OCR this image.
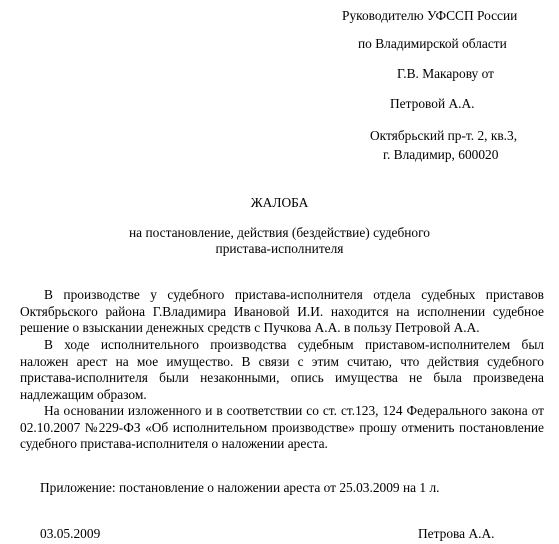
Руководителю УФССП России
по Владимирской области
Г.В. Макарову от
Петровой А.А.
Октябрьский пр-т. 2, кв.3,
г. Владимир, 600020
ЖАЛОБА
на постановление, действия (бездействие) судебного
пристава-исполнителя
В производстве у судебного пристава-исполнителя отдела судебных приставов Октябрьского района Г.Владимира Ивановой И.И. находится на исполнении судебное решение о взыскании денежных средств с Пучкова А.А. в пользу Петровой А.А.
В ходе исполнительного производства судебным приставом-исполнителем был наложен арест на мое имущество. В связи с этим считаю, что действия судебного пристава-исполнителя были незаконными, опись имущества не была произведена надлежащим образом.
На основании изложенного и в соответствии со ст. ст.123, 124 Федерального закона от 02.10.2007 №229-ФЗ «Об исполнительном производстве» прошу отменить постановление судебного пристава-исполнителя о наложении ареста.
Приложение: постановление о наложении ареста от 25.03.2009 на 1 л.
03.05.2009	Петрова А.А.
